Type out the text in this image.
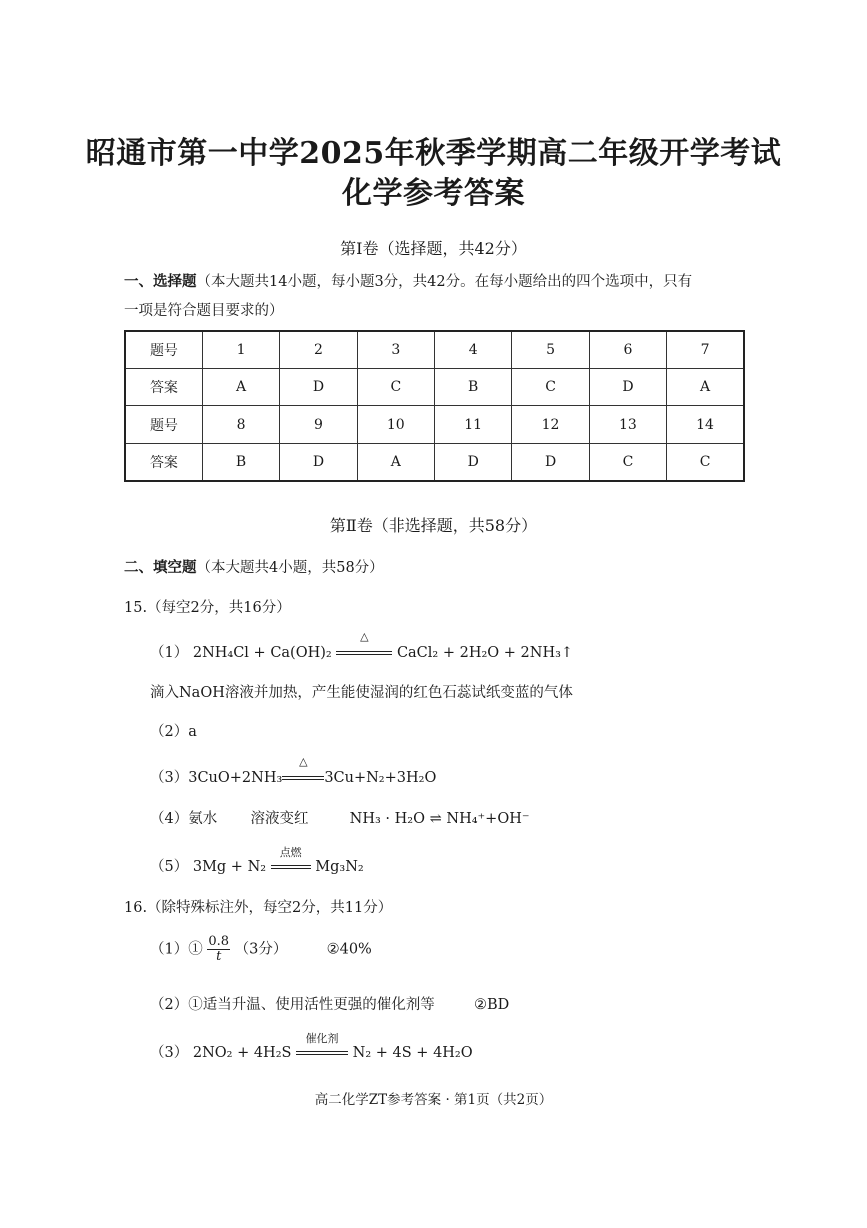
昭通市第一中学2025年秋季学期高二年级开学考试
化学参考答案
第Ⅰ卷（选择题，共42分）
一、选择题（本大题共14小题，每小题3分，共42分。在每小题给出的四个选项中，只有
一项是符合题目要求的）
题号	1	2	3	4	5	6	7
答案	A	D	C	B	C	D	A
题号	8	9	10	11	12	13	14
答案	B	D	A	D	D	C	C
第Ⅱ卷（非选择题，共58分）
二、填空题（本大题共4小题，共58分）
15.（每空2分，共16分）
（1） 2NH₄Cl + Ca(OH)₂
△
CaCl₂ + 2H₂O + 2NH₃↑
滴入NaOH溶液并加热，产生能使湿润的红色石蕊试纸变蓝的气体
（2）a
（3）3CuO+2NH₃
△
3Cu+N₂+3H₂O
（4）氨水 溶液变红	NH₃ · H₂O ⇌ NH₄⁺+OH⁻
（5） 3Mg + N₂
点燃
Mg₃N₂
16.（除特殊标注外，每空2分，共11分）
（1）① $\frac{0.8}{t} (3$分）	②40%
（2）①适当升温、使用活性更强的催化剂等	②BD
（3） 2NO₂ + 4H₂S
催化剂
N₂ + 4S + 4H₂O
高二化学ZT参考答案 · 第1页（共2页）
